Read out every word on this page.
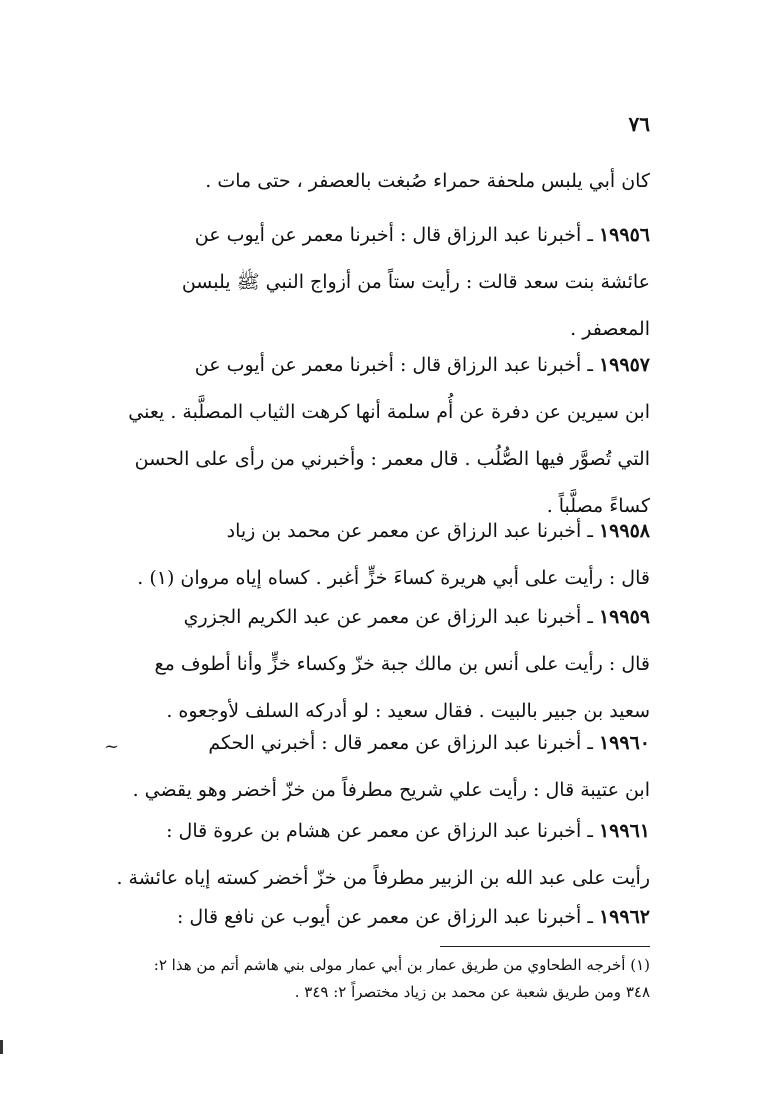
٧٦
كان أبي يلبس ملحفة حمراء صُبغت بالعصفر ، حتى مات .
١٩٩٥٦ ـ أخبرنا عبد الرزاق قال : أخبرنا معمر عن أيوب عن
عائشة بنت سعد قالت : رأيت ستاً من أزواج النبي ﷺ يلبسن
المعصفر .
١٩٩٥٧ ـ أخبرنا عبد الرزاق قال : أخبرنا معمر عن أيوب عن
ابن سيرين عن دفرة عن أُم سلمة أنها كرهت الثياب المصلَّبة . يعني
التي تُصوَّر فيها الصُّلُب . قال معمر : وأخبرني من رأى على الحسن
كساءً مصلَّباً .
١٩٩٥٨ ـ أخبرنا عبد الرزاق عن معمر عن محمد بن زياد
قال : رأيت على أبي هريرة كساءَ خزٍّ أغبر . كساه إياه مروان (١) .
١٩٩٥٩ ـ أخبرنا عبد الرزاق عن معمر عن عبد الكريم الجزري
قال : رأيت على أنس بن مالك جبة خزّ وكساء خزٍّ وأنا أطوف مع
سعيد بن جبير بالبيت . فقال سعيد : لو أدركه السلف لأوجعوه .
~	١٩٩٦٠ ـ أخبرنا عبد الرزاق عن معمر قال : أخبرني الحكم
ابن عتيبة قال : رأيت علي شريح مطرفاً من خزّ أخضر وهو يقضي .
١٩٩٦١ ـ أخبرنا عبد الرزاق عن معمر عن هشام بن عروة قال :
رأيت على عبد الله بن الزبير مطرفاً من خزّ أخضر كسته إياه عائشة .
١٩٩٦٢ ـ أخبرنا عبد الرزاق عن معمر عن أيوب عن نافع قال :
(١) أخرجه الطحاوي من طريق عمار بن أبي عمار مولى بني هاشم أتم من هذا ٢:
٣٤٨ ومن طريق شعبة عن محمد بن زياد مختصراً ٢: ٣٤٩ .
